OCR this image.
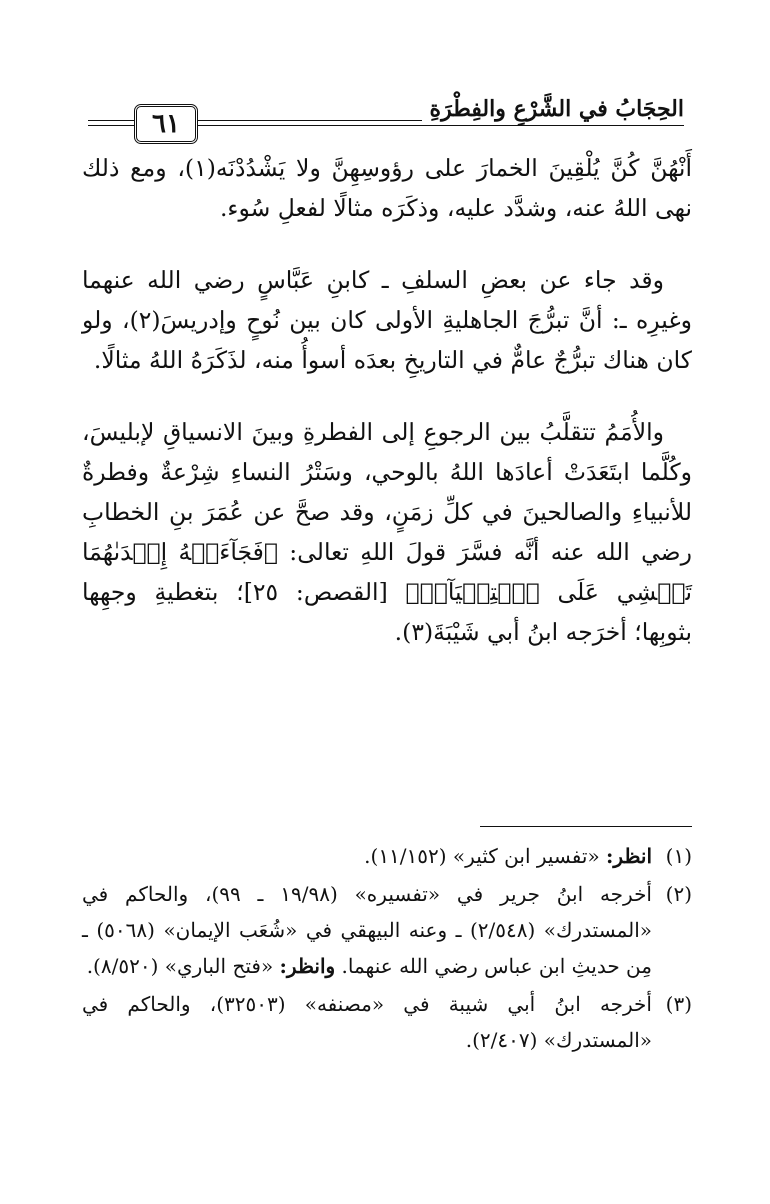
٦١	الحِجَابُ في الشَّرْعِ والفِطْرَةِ

أَنْهُنَّ كُنَّ يُلْقِينَ الخمارَ على رؤوسِهِنَّ ولا يَشْدُدْنَه(١)، ومع ذلك نهى اللهُ عنه، وشدَّد عليه، وذكَرَه مثالًا لفعلِ سُوء.

وقد جاء عن بعضِ السلفِ ـ كابنِ عَبَّاسٍ رضي الله عنهما وغيرِه ـ: أنَّ تبرُّجَ الجاهليةِ الأولى كان بين نُوحٍ وإدريسَ(٢)، ولو كان هناك تبرُّجٌ عامٌّ في التاريخِ بعدَه أسوأُ منه، لذَكَرَهُ اللهُ مثالًا.

والأُمَمُ تتقلَّبُ بين الرجوعِ إلى الفطرةِ وبينَ الانسياقِ لإبليسَ، وكُلَّما ابتَعَدَتْ أعادَها اللهُ بالوحي، وسَتْرُ النساءِ شِرْعةٌ وفطرةٌ للأنبياءِ والصالحينَ في كلِّ زمَنٍ، وقد صحَّ عن عُمَرَ بنِ الخطابِ رضي الله عنه أنَّه فسَّرَ قولَ اللهِ تعالى: ﴿فَجَآءَتۡهُ إِحۡدَىٰهُمَا تَمۡشِي عَلَى ٱسۡتِحۡيَآءٖ﴾ [القصص: ٢٥]؛ بتغطيةِ وجهِها بثوبِها؛ أخرَجه ابنُ أبي شَيْبَةَ(٣).

(١)
انظر: «تفسير ابن كثير» (١١/١٥٢).
(٢)
أخرجه ابنُ جرير في «تفسيره» (١٩/٩٨ ـ ٩٩)، والحاكم في «المستدرك» (٢/٥٤٨) ـ وعنه البيهقي في «شُعَب الإيمان» (٥٠٦٨) ـ مِن حديثِ ابن عباس رضي الله عنهما. وانظر: «فتح الباري» (٨/٥٢٠).
(٣)
أخرجه ابنُ أبي شيبة في «مصنفه» (٣٢٥٠٣)، والحاكم في «المستدرك» (٢/٤٠٧).
